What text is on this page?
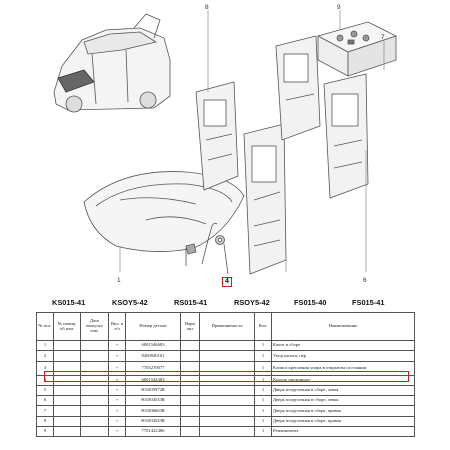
8	9
7
6
1	4
KS015-41	KSOY5-42	RS015-41	RSOY5-42	FS015-40	FS015-41
№ поз.	№ извещ. об изм.	Дата выпуска изм.	Вкл. в з/ч	Номер детали	Вари ант	Применяемость	Кол.	Наименование
1			+	6001546683			1	Капот в сборе
2			+	8200920101			1	Упор капота, пер
3			+	7703270077			1	Клипса крепления упора в открытом состоянии
4			+	6001544383			1	Кольцо пружинное
5			+	901005972R			1	Дверь погрузочная в сборе, левая
6			+	901004533R			1	Дверь погрузочная в сборе, левая
7			+	901006663R			1	Дверь погрузочная в сборе, правая
8			+	901004543R			1	Дверь погрузочная в сборе, правая
9			+	7701422486			1	Ремкомплект
